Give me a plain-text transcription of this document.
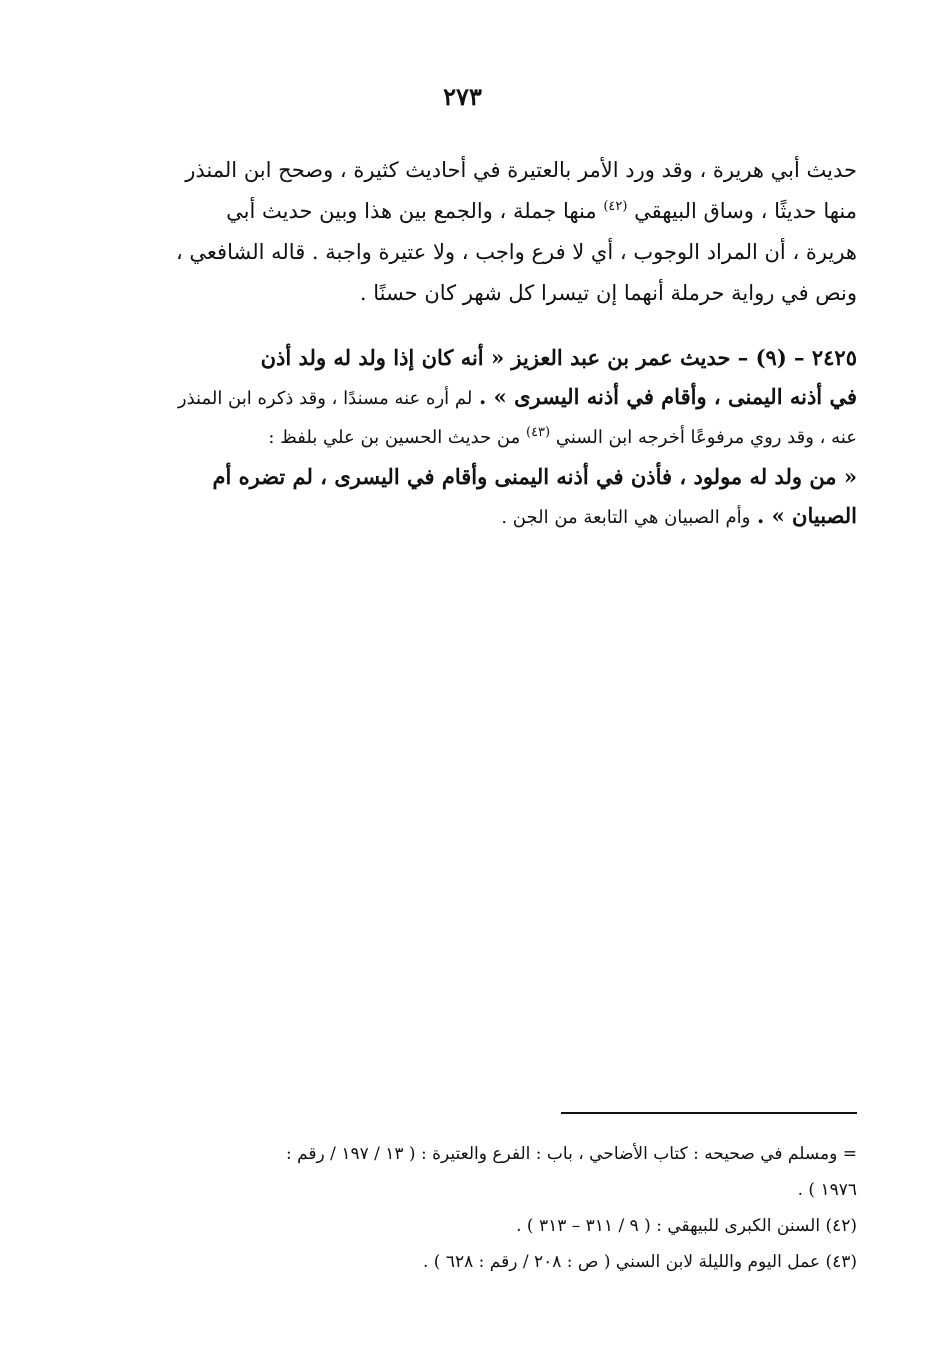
٢٧٣
حديث أبي هريرة ، وقد ورد الأمر بالعتيرة في أحاديث كثيرة ، وصحح ابن المنذر
منها حديثًا ، وساق البيهقي $^{(٤٢)}$ منها جملة ، والجمع بين هذا وبين حديث أبي
هريرة ، أن المراد الوجوب ، أي لا فرع واجب ، ولا عتيرة واجبة . قاله الشافعي ،
ونص في رواية حرملة أنهما إن تيسرا كل شهر كان حسنًا .
٢٤٢٥ – (٩) – حديث عمر بن عبد العزيز « أنه كان إذا ولد له ولد أذن
في أذنه اليمنى ، وأقام في أذنه اليسرى » . لم أره عنه مسندًا ، وقد ذكره ابن المنذر
عنه ، وقد روي مرفوعًا أخرجه ابن السني $^{(٤٣)}$ من حديث الحسين بن علي بلفظ :
« من ولد له مولود ، فأذن في أذنه اليمنى وأقام في اليسرى ، لم تضره أم
الصبيان » . وأم الصبيان هي التابعة من الجن .
= ومسلم في صحيحه : كتاب الأضاحي ، باب : الفرع والعتيرة : ( ١٣ / ١٩٧ / رقم :
١٩٧٦ ) .
(٤٢) السنن الكبرى للبيهقي : ( ٩ / ٣١١ – ٣١٣ ) .
(٤٣) عمل اليوم والليلة لابن السني ( ص : ٢٠٨ / رقم : ٦٢٨ ) .
